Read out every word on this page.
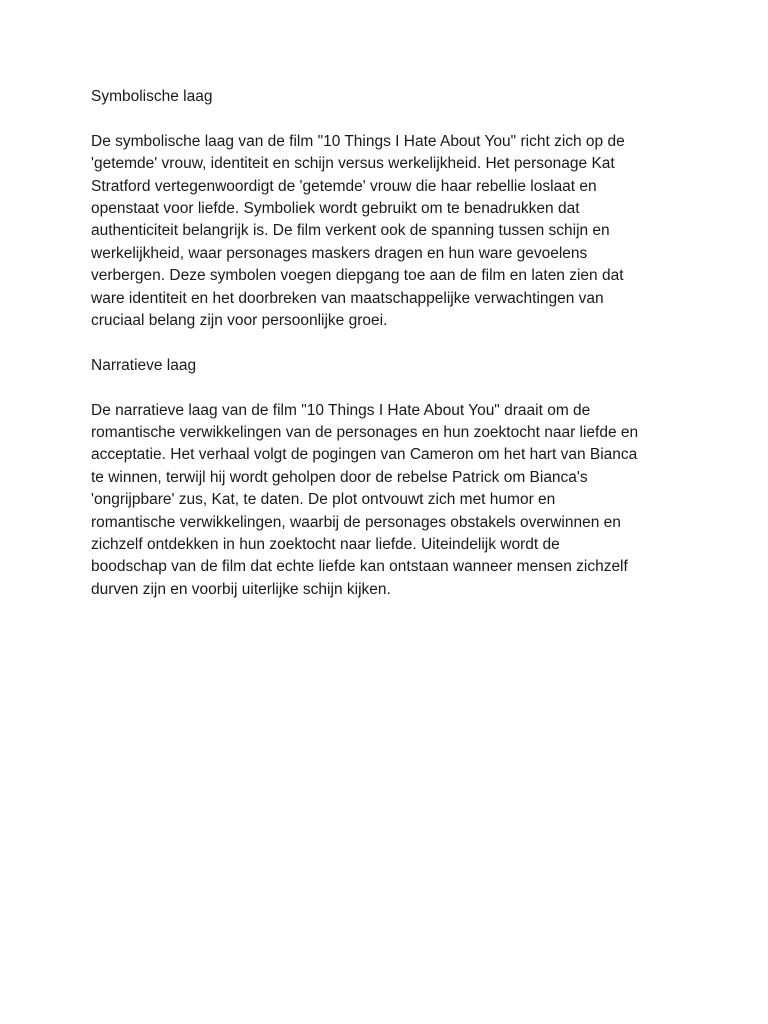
Symbolische laag

De symbolische laag van de film "10 Things I Hate About You" richt zich op de
'getemde' vrouw, identiteit en schijn versus werkelijkheid. Het personage Kat
Stratford vertegenwoordigt de 'getemde' vrouw die haar rebellie loslaat en
openstaat voor liefde. Symboliek wordt gebruikt om te benadrukken dat
authenticiteit belangrijk is. De film verkent ook de spanning tussen schijn en
werkelijkheid, waar personages maskers dragen en hun ware gevoelens
verbergen. Deze symbolen voegen diepgang toe aan de film en laten zien dat
ware identiteit en het doorbreken van maatschappelijke verwachtingen van
cruciaal belang zijn voor persoonlijke groei.

Narratieve laag

De narratieve laag van de film "10 Things I Hate About You" draait om de
romantische verwikkelingen van de personages en hun zoektocht naar liefde en
acceptatie. Het verhaal volgt de pogingen van Cameron om het hart van Bianca
te winnen, terwijl hij wordt geholpen door de rebelse Patrick om Bianca's
'ongrijpbare' zus, Kat, te daten. De plot ontvouwt zich met humor en
romantische verwikkelingen, waarbij de personages obstakels overwinnen en
zichzelf ontdekken in hun zoektocht naar liefde. Uiteindelijk wordt de
boodschap van de film dat echte liefde kan ontstaan wanneer mensen zichzelf
durven zijn en voorbij uiterlijke schijn kijken.
